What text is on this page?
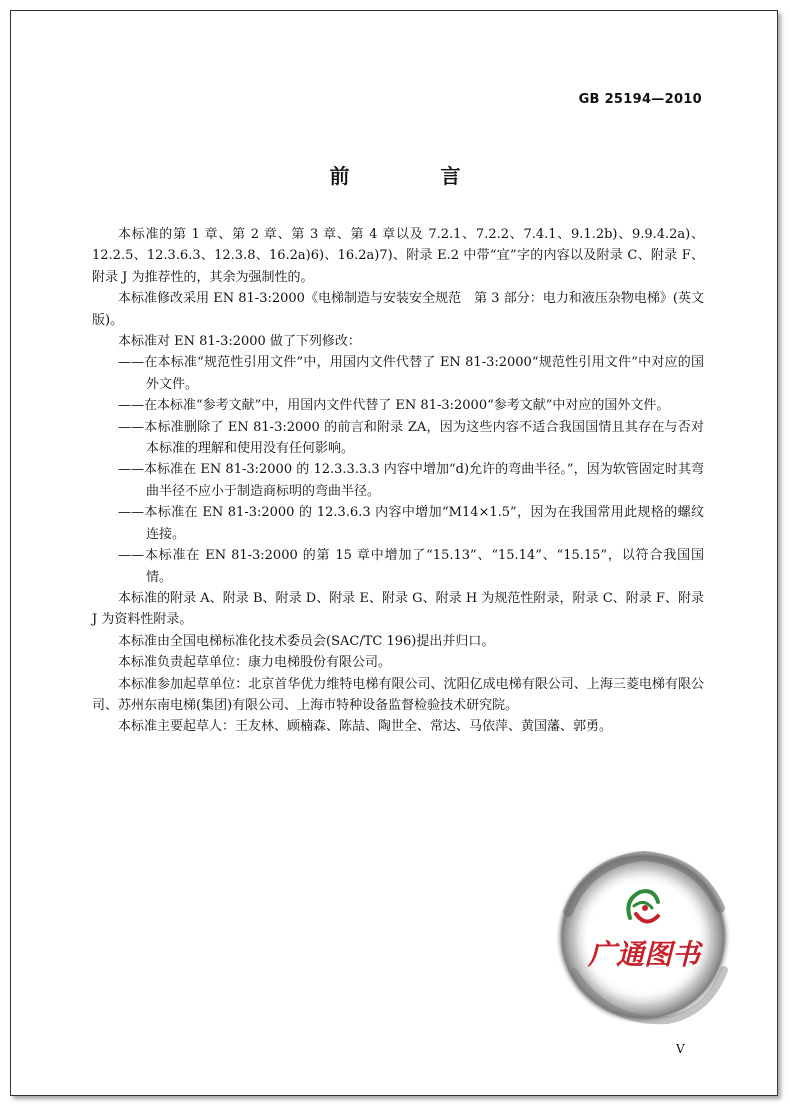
GB 25194—2010
前 言

本标准的第 1 章、第 2 章、第 3 章、第 4 章以及 7.2.1、7.2.2、7.4.1、9.1.2b)、9.9.4.2a)、12.2.5、12.3.6.3、12.3.8、16.2a)6)、16.2a)7)、附录 E.2 中带“宜”字的内容以及附录 C、附录 F、附录 J 为推荐性的，其余为强制性的。

本标准修改采用 EN 81-3:2000《电梯制造与安装安全规范　第 3 部分：电力和液压杂物电梯》(英文版)。

本标准对 EN 81-3:2000 做了下列修改：

——在本标准“规范性引用文件”中，用国内文件代替了 EN 81-3:2000“规范性引用文件”中对应的国外文件。

——在本标准“参考文献”中，用国内文件代替了 EN 81-3:2000“参考文献”中对应的国外文件。

——本标准删除了 EN 81-3:2000 的前言和附录 ZA，因为这些内容不适合我国国情且其存在与否对本标准的理解和使用没有任何影响。

——本标准在 EN 81-3:2000 的 12.3.3.3.3 内容中增加“d)允许的弯曲半径。”，因为软管固定时其弯曲半径不应小于制造商标明的弯曲半径。

——本标准在 EN 81-3:2000 的 12.3.6.3 内容中增加“M14×1.5”，因为在我国常用此规格的螺纹连接。

——本标准在 EN 81-3:2000 的第 15 章中增加了“15.13”、“15.14”、“15.15”，以符合我国国情。

本标准的附录 A、附录 B、附录 D、附录 E、附录 G、附录 H 为规范性附录，附录 C、附录 F、附录 J 为资料性附录。

本标准由全国电梯标准化技术委员会(SAC/TC 196)提出并归口。

本标准负责起草单位：康力电梯股份有限公司。

本标准参加起草单位：北京首华优力维特电梯有限公司、沈阳亿成电梯有限公司、上海三菱电梯有限公司、苏州东南电梯(集团)有限公司、上海市特种设备监督检验技术研究院。

本标准主要起草人：王友林、顾楠森、陈喆、陶世全、常达、马依萍、黄国藩、郭勇。

广通图书
V
